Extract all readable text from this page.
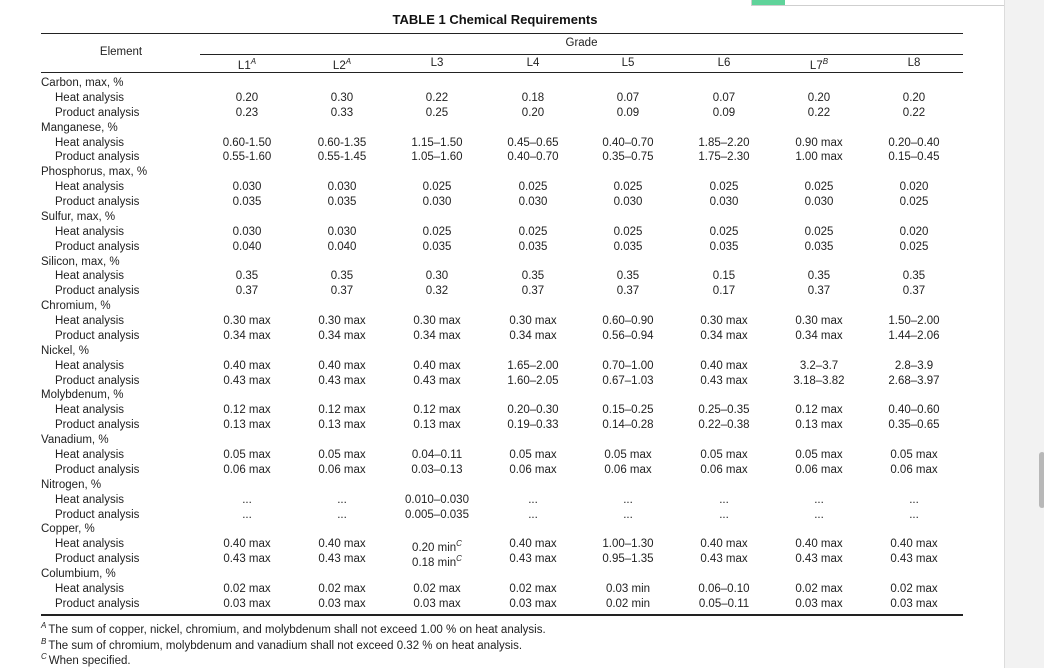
TABLE 1 Chemical Requirements
Element
Grade
$L1^A$	$L2^A$	L3	L4	L5	L6	$L7^B$	L8
Carbon, max, %
Heat analysis	0.20	0.30	0.22	0.18	0.07	0.07	0.20	0.20
Product analysis	0.23	0.33	0.25	0.20	0.09	0.09	0.22	0.22
Manganese, %
Heat analysis	0.60-1.50	0.60-1.35	1.15–1.50	0.45–0.65	0.40–0.70	1.85–2.20	0.90 max	0.20–0.40
Product analysis	0.55-1.60	0.55-1.45	1.05–1.60	0.40–0.70	0.35–0.75	1.75–2.30	1.00 max	0.15–0.45
Phosphorus, max, %
Heat analysis	0.030	0.030	0.025	0.025	0.025	0.025	0.025	0.020
Product analysis	0.035	0.035	0.030	0.030	0.030	0.030	0.030	0.025
Sulfur, max, %
Heat analysis	0.030	0.030	0.025	0.025	0.025	0.025	0.025	0.020
Product analysis	0.040	0.040	0.035	0.035	0.035	0.035	0.035	0.025
Silicon, max, %
Heat analysis	0.35	0.35	0.30	0.35	0.35	0.15	0.35	0.35
Product analysis	0.37	0.37	0.32	0.37	0.37	0.17	0.37	0.37
Chromium, %
Heat analysis	0.30 max	0.30 max	0.30 max	0.30 max	0.60–0.90	0.30 max	0.30 max	1.50–2.00
Product analysis	0.34 max	0.34 max	0.34 max	0.34 max	0.56–0.94	0.34 max	0.34 max	1.44–2.06
Nickel, %
Heat analysis	0.40 max	0.40 max	0.40 max	1.65–2.00	0.70–1.00	0.40 max	3.2–3.7	2.8–3.9
Product analysis	0.43 max	0.43 max	0.43 max	1.60–2.05	0.67–1.03	0.43 max	3.18–3.82	2.68–3.97
Molybdenum, %
Heat analysis	0.12 max	0.12 max	0.12 max	0.20–0.30	0.15–0.25	0.25–0.35	0.12 max	0.40–0.60
Product analysis	0.13 max	0.13 max	0.13 max	0.19–0.33	0.14–0.28	0.22–0.38	0.13 max	0.35–0.65
Vanadium, %
Heat analysis	0.05 max	0.05 max	0.04–0.11	0.05 max	0.05 max	0.05 max	0.05 max	0.05 max
Product analysis	0.06 max	0.06 max	0.03–0.13	0.06 max	0.06 max	0.06 max	0.06 max	0.06 max
Nitrogen, %
Heat analysis	...	...	0.010–0.030	...	...	...	...	...
Product analysis	...	...	0.005–0.035	...	...	...	...	...
Copper, %
Heat analysis	0.40 max	0.40 max	0.20 $\min^C$	0.40 max	1.00–1.30	0.40 max	0.40 max	0.40 max
Product analysis	0.43 max	0.43 max	0.18 $\min^C$	0.43 max	0.95–1.35	0.43 max	0.43 max	0.43 max
Columbium, %
Heat analysis	0.02 max	0.02 max	0.02 max	0.02 max	0.03 min	0.06–0.10	0.02 max	0.02 max
Product analysis	0.03 max	0.03 max	0.03 max	0.03 max	0.02 min	0.05–0.11	0.03 max	0.03 max
$^A$ The sum of copper, nickel, chromium, and molybdenum shall not exceed 1.00 % on heat analysis.
$^B$ The sum of chromium, molybdenum and vanadium shall not exceed 0.32 % on heat analysis.
$^C$ When specified.
